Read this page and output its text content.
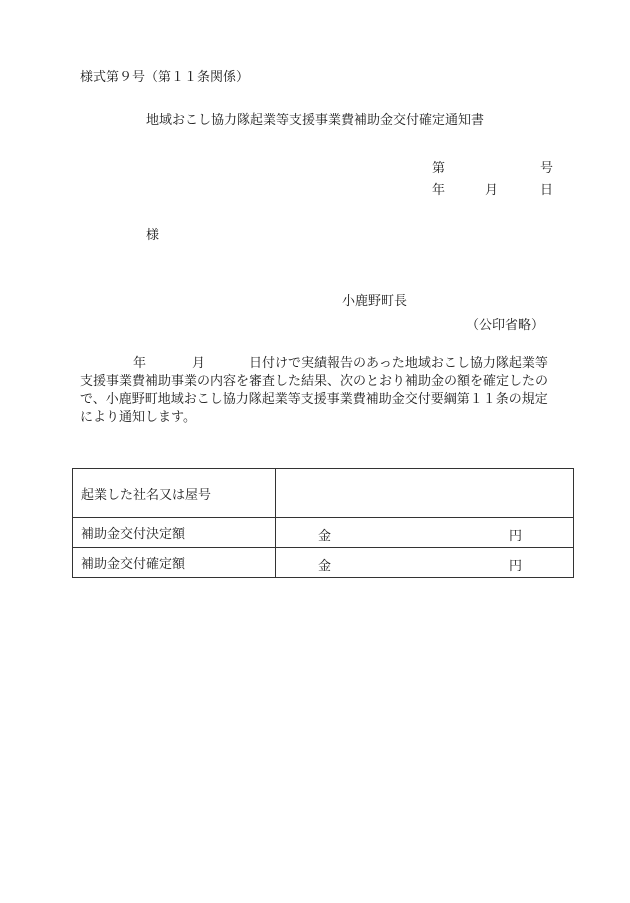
様式第９号（第１１条関係）
地域おこし協力隊起業等支援事業費補助金交付確定通知書
第	号
年	月	日
様
小鹿野町長
（公印省略）
年	月	日付けで実績報告のあった地域おこし協力隊起業等
支援事業費補助事業の内容を審査した結果、次のとおり補助金の額を確定したの
で、小鹿野町地域おこし協力隊起業等支援事業費補助金交付要綱第１１条の規定
により通知します。
起業した社名又は屋号	
補助金交付決定額	金 円

補助金交付確定額	金 円
